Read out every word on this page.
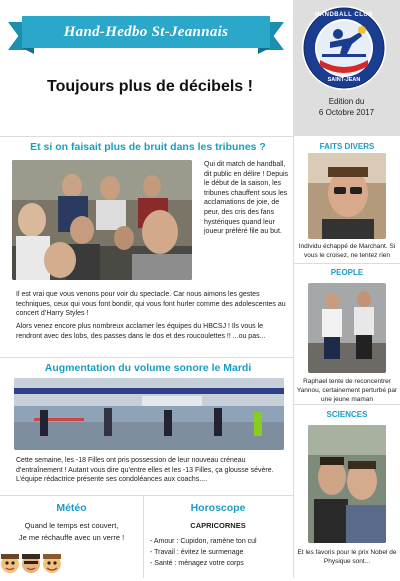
Hand-Hedbo St-Jeannais
Toujours plus de décibels !
HANDBALL CLUB
SAINT-JEAN
Edition du
6 Octobre 2017
Et si on faisait plus de bruit dans les tribunes ?
Qui dit match de handball, dit public en délire ! Depuis le début de la saison, les tribunes chauffent sous les acclamations de joie, de peur, des cris des fans hystériques quand leur joueur préféré file au but.
Il est vrai que vous venons pour voir du spectacle. Car nous aimons les gestes techniques, ceux qui vous font bondir, qui vous font hurler comme des adolescentes au concert d’Harry Styles !
Alors venez encore plus nombreux acclamer les équipes du HBCSJ ! Ils vous le rendront avec des lobs, des passes dans le dos et des roucoulettes !! ...ou pas...
Augmentation du volume sonore le Mardi
Cette semaine, les -18 Filles ont pris possession de leur nouveau créneau d’entraînement ! Autant vous dire qu’entre elles et les -13 Filles, ça glousse sévère. L’équipe rédactrice présente ses condoléances aux coachs....
Météo
Quand le temps est couvert,
Je me réchauffe avec un verre !
Horoscope
CAPRICORNES
- Amour : Cupidon, ramène ton cul
- Travail : évitez le surmenage
- Santé : ménagez votre corps
FAITS DIVERS
Individu échappé de Marchant. Si vous le croisez, ne tentez rien
PEOPLE
Raphael tente de reconcentrer Yannou, certainement perturbé par une jeune maman
SCIENCES
Et les favoris pour le prix Nobel de Physique sont...
